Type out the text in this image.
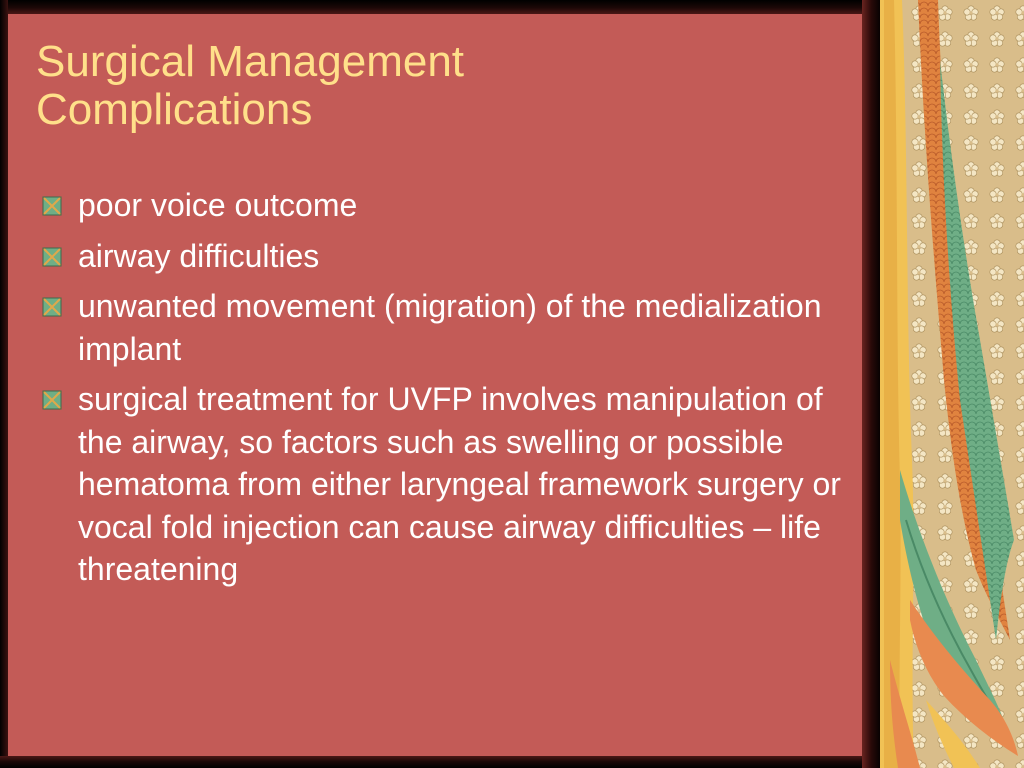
Surgical Management
Complications
poor voice outcome
airway difficulties
unwanted movement (migration) of the medialization implant
surgical treatment for UVFP involves manipulation of the airway, so factors such as swelling or possible hematoma from either laryngeal framework surgery or vocal fold injection can cause airway difficulties – life threatening
